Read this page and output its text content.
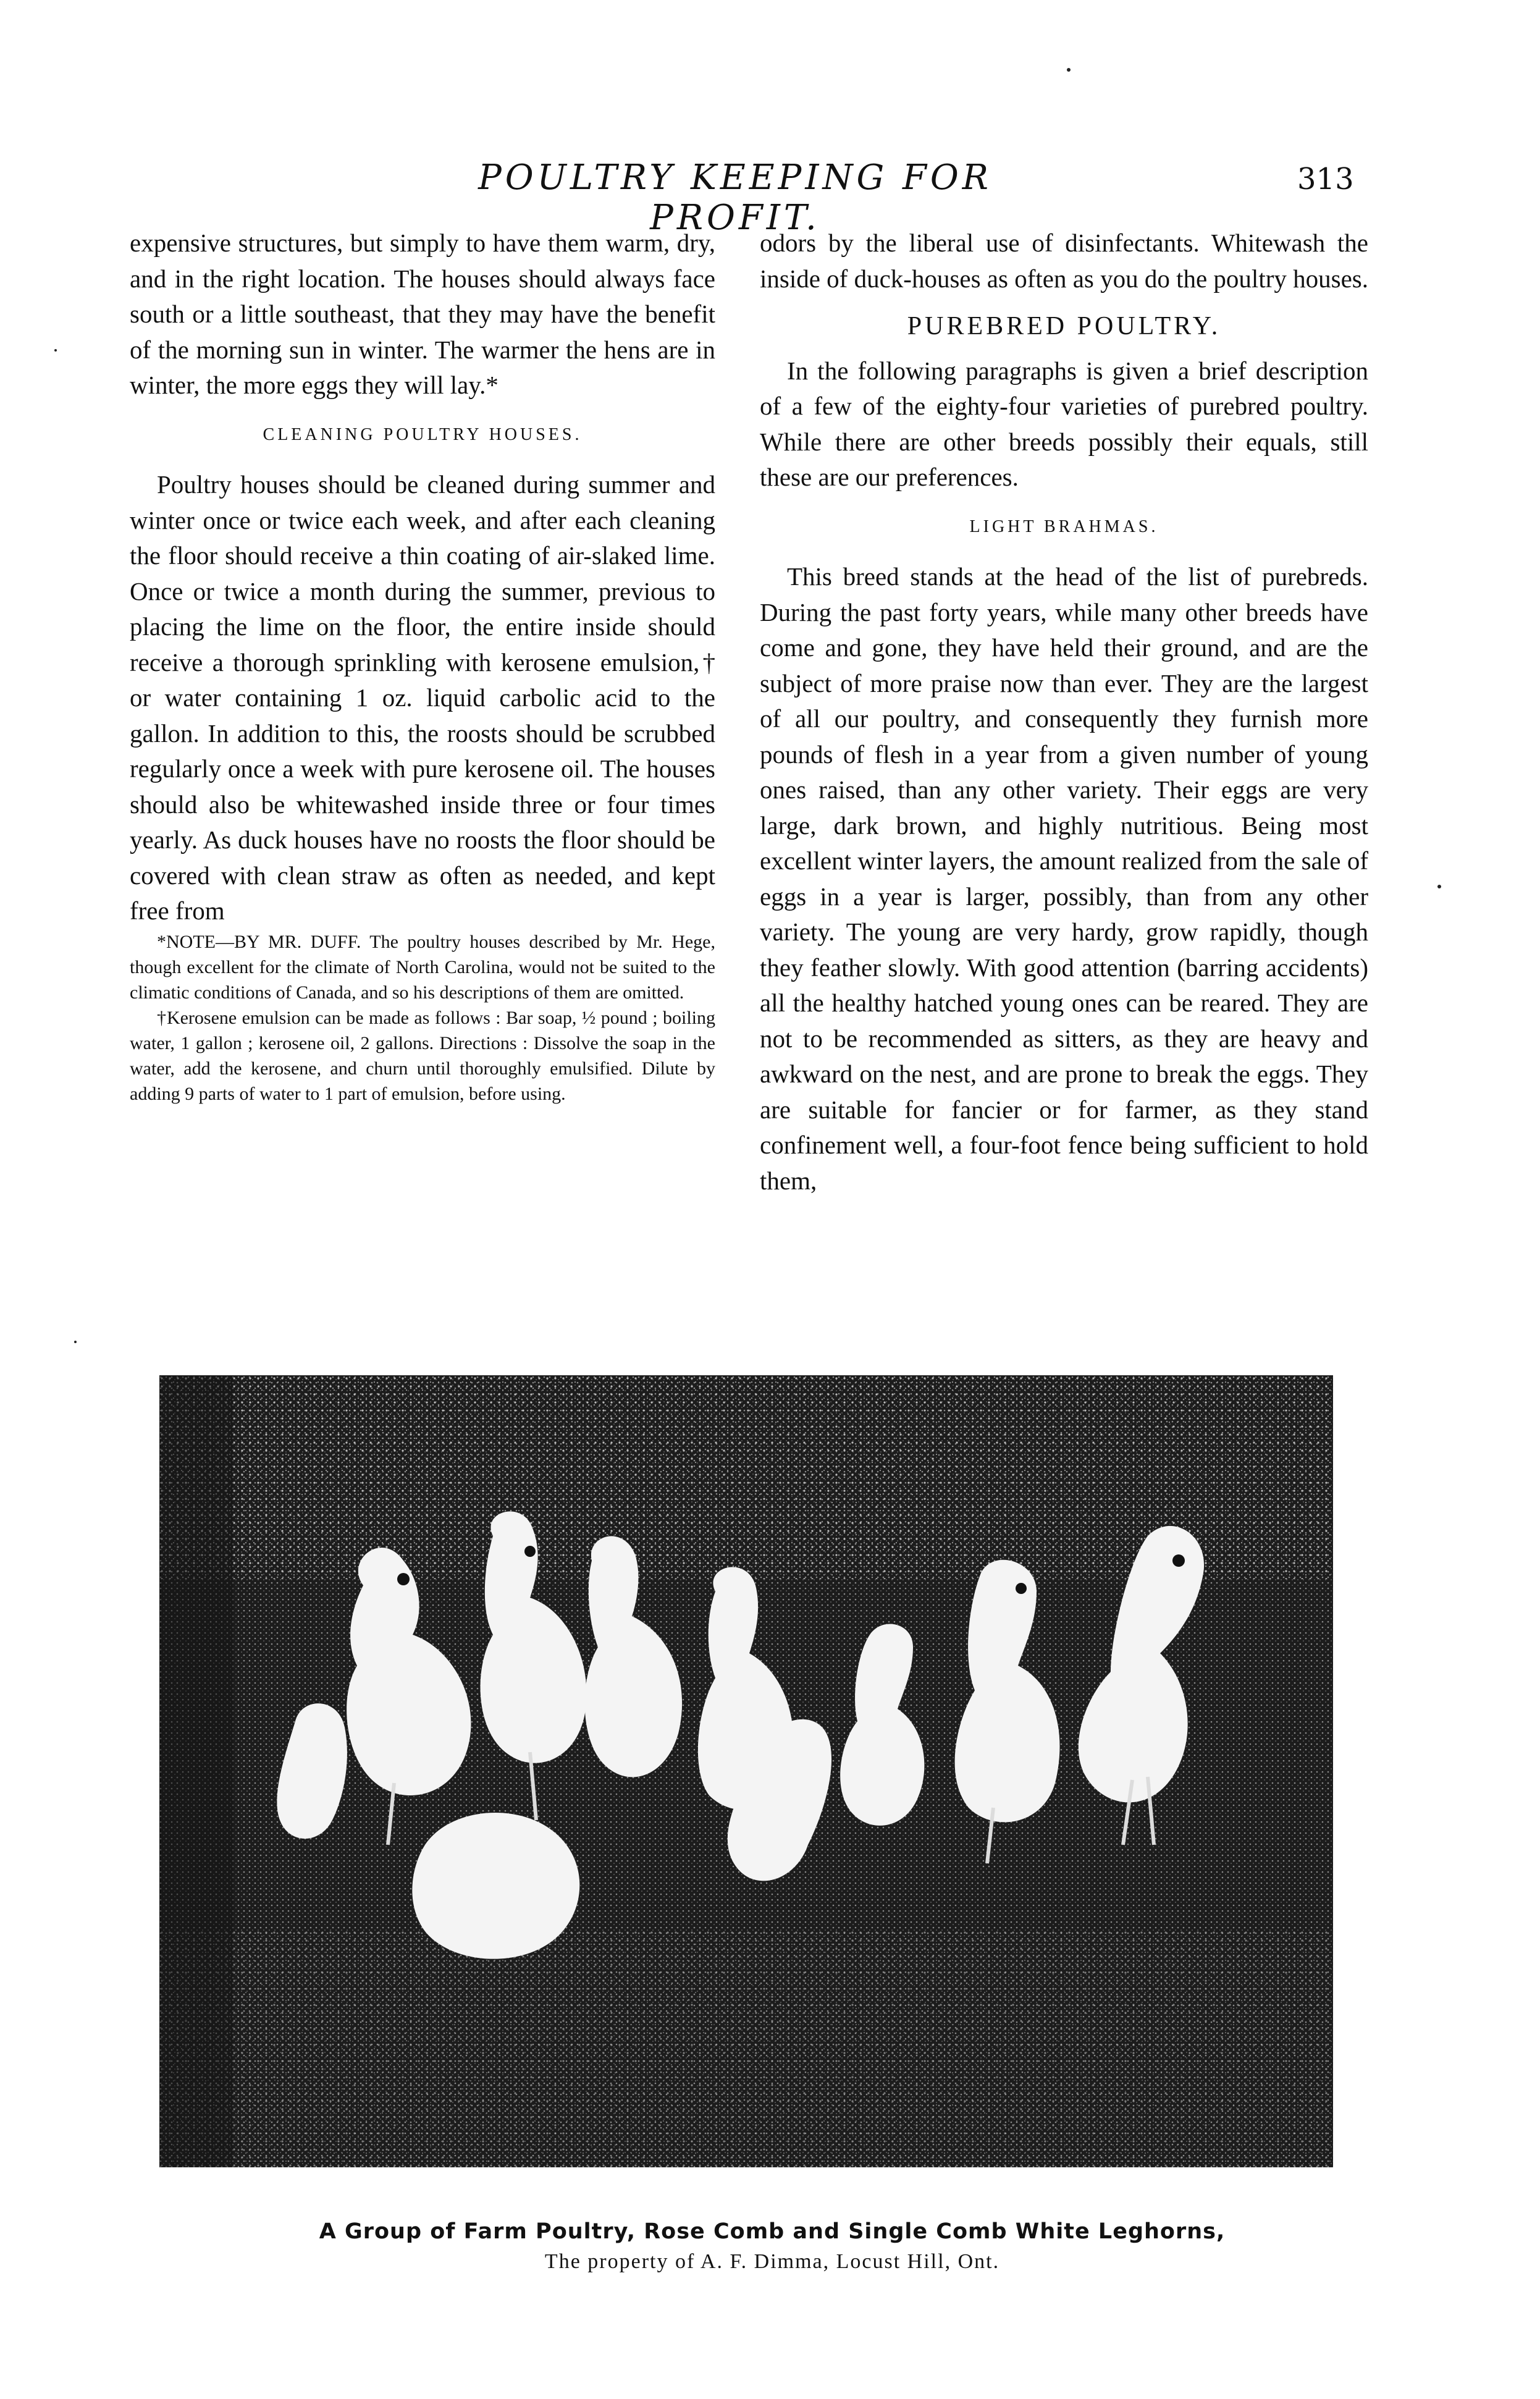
POULTRY KEEPING FOR PROFIT.
313

expensive structures, but simply to have them warm, dry, and in the right location. The houses should always face south or a little southeast, that they may have the benefit of the morning sun in winter. The warmer the hens are in winter, the more eggs they will lay.*

CLEANING POULTRY HOUSES.

Poultry houses should be cleaned during summer and winter once or twice each week, and after each cleaning the floor should receive a thin coating of air-slaked lime. Once or twice a month during the summer, previous to placing the lime on the floor, the entire inside should receive a thorough sprinkling with kerosene emulsion,† or water containing 1 oz. liquid carbolic acid to the gallon. In addition to this, the roosts should be scrubbed regularly once a week with pure kerosene oil. The houses should also be whitewashed inside three or four times yearly. As duck houses have no roosts the floor should be covered with clean straw as often as needed, and kept free from

*NOTE—BY MR. DUFF. The poultry houses described by Mr. Hege, though excellent for the climate of North Carolina, would not be suited to the climatic conditions of Canada, and so his descriptions of them are omitted.

†Kerosene emulsion can be made as follows : Bar soap, ½ pound ; boiling water, 1 gallon ; kerosene oil, 2 gallons. Directions : Dissolve the soap in the water, add the kerosene, and churn until thoroughly emulsified. Dilute by adding 9 parts of water to 1 part of emulsion, before using.

odors by the liberal use of disinfectants. Whitewash the inside of duck-houses as often as you do the poultry houses.

PUREBRED POULTRY.

In the following paragraphs is given a brief description of a few of the eighty-four varieties of purebred poultry. While there are other breeds possibly their equals, still these are our preferences.

LIGHT BRAHMAS.

This breed stands at the head of the list of purebreds. During the past forty years, while many other breeds have come and gone, they have held their ground, and are the subject of more praise now than ever. They are the largest of all our poultry, and consequently they furnish more pounds of flesh in a year from a given number of young ones raised, than any other variety. Their eggs are very large, dark brown, and highly nutritious. Being most excellent winter layers, the amount realized from the sale of eggs in a year is larger, possibly, than from any other variety. The young are very hardy, grow rapidly, though they feather slowly. With good attention (barring accidents) all the healthy hatched young ones can be reared. They are not to be recommended as sitters, as they are heavy and awkward on the nest, and are prone to break the eggs. They are suitable for fancier or for farmer, as they stand confinement well, a four-foot fence being sufficient to hold them,

A Group of Farm Poultry, Rose Comb and Single Comb White Leghorns,
The property of A. F. Dimma, Locust Hill, Ont.
